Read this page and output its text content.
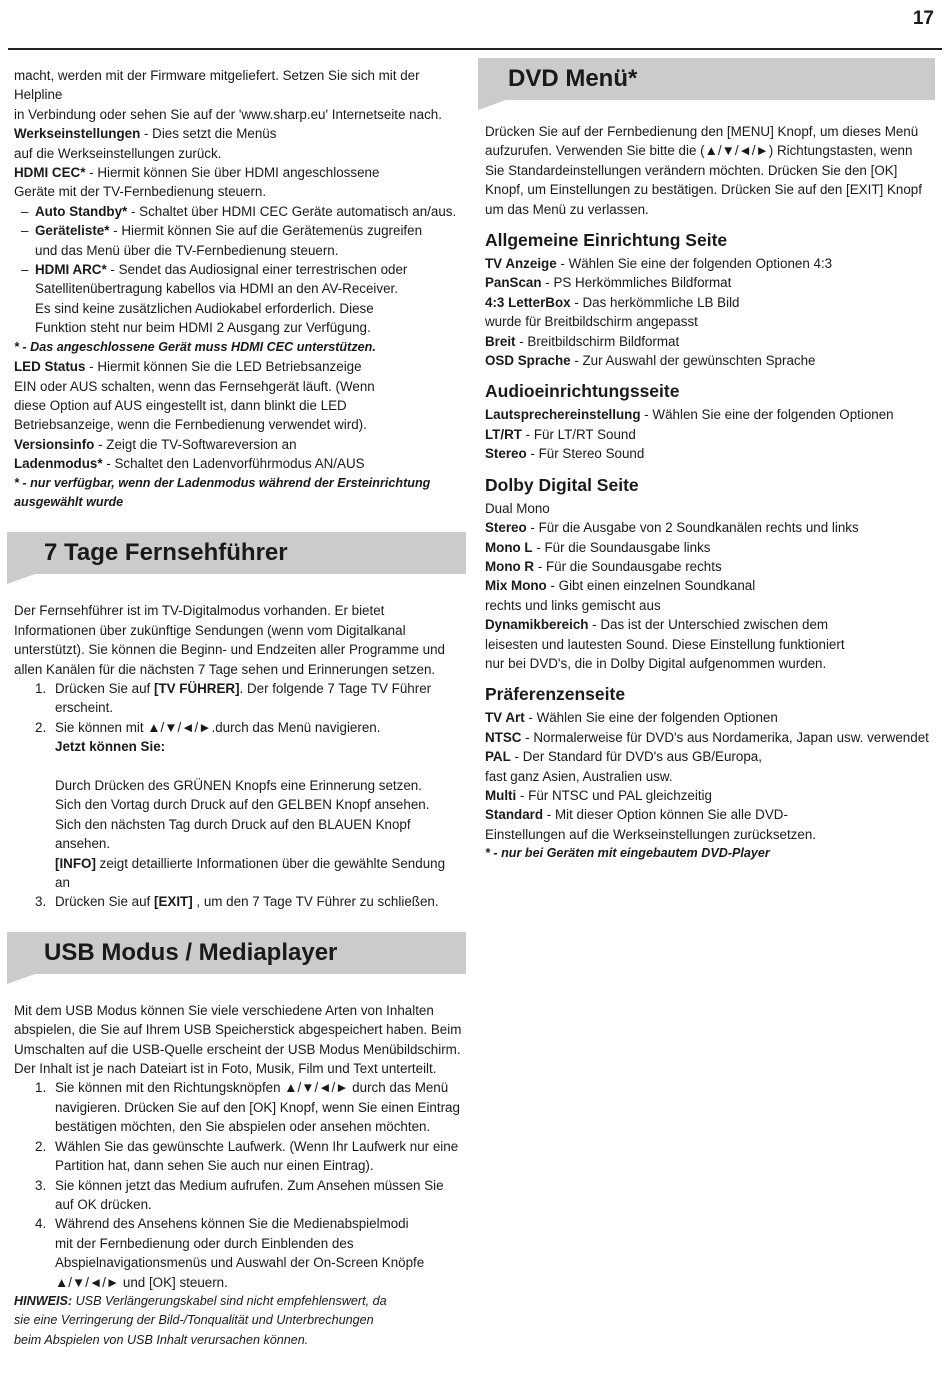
17

macht, werden mit der Firmware mitgeliefert. Setzen Sie sich mit der Helpline

in Verbindung oder sehen Sie auf der 'www.sharp.eu' Internetseite nach.

Werkseinstellungen - Dies setzt die Menüs

auf die Werkseinstellungen zurück.

HDMI CEC* - Hiermit können Sie über HDMI angeschlossene

Geräte mit der TV-Fernbedienung steuern.

– Auto Standby* - Schaltet über HDMI CEC Geräte automatisch an/aus.

– Geräteliste* - Hiermit können Sie auf die Gerätemenüs zugreifen

und das Menü über die TV-Fernbedienung steuern.

– HDMI ARC* - Sendet das Audiosignal einer terrestrischen oder

Satellitenübertragung kabellos via HDMI an den AV-Receiver.

Es sind keine zusätzlichen Audiokabel erforderlich. Diese

Funktion steht nur beim HDMI 2 Ausgang zur Verfügung.

* - Das angeschlossene Gerät muss HDMI CEC unterstützen.

LED Status - Hiermit können Sie die LED Betriebsanzeige

EIN oder AUS schalten, wenn das Fernsehgerät läuft. (Wenn

diese Option auf AUS eingestellt ist, dann blinkt die LED

Betriebsanzeige, wenn die Fernbedienung verwendet wird).

Versionsinfo - Zeigt die TV-Softwareversion an

Ladenmodus* - Schaltet den Ladenvorführmodus AN/AUS

* - nur verfügbar, wenn der Ladenmodus während der Ersteinrichtung

ausgewählt wurde

7 Tage Fernsehführer

Der Fernsehführer ist im TV-Digitalmodus vorhanden. Er bietet

Informationen über zukünftige Sendungen (wenn vom Digitalkanal

unterstützt). Sie können die Beginn- und Endzeiten aller Programme und

allen Kanälen für die nächsten 7 Tage sehen und Erinnerungen setzen.

1. Drücken Sie auf [TV FÜHRER]. Der folgende 7 Tage TV Führer

erscheint.

2. Sie können mit ▲/▼/◄/►.durch das Menü navigieren.

Jetzt können Sie:

Durch Drücken des GRÜNEN Knopfs eine Erinnerung setzen.

Sich den Vortag durch Druck auf den GELBEN Knopf ansehen.

Sich den nächsten Tag durch Druck auf den BLAUEN Knopf ansehen.

[INFO] zeigt detaillierte Informationen über die gewählte Sendung

an

3. Drücken Sie auf [EXIT] , um den 7 Tage TV Führer zu schließen.

USB Modus / Mediaplayer

Mit dem USB Modus können Sie viele verschiedene Arten von Inhalten

abspielen, die Sie auf Ihrem USB Speicherstick abgespeichert haben. Beim

Umschalten auf die USB-Quelle erscheint der USB Modus Menübildschirm.

Der Inhalt ist je nach Dateiart ist in Foto, Musik, Film und Text unterteilt.

1. Sie können mit den Richtungsknöpfen ▲/▼/◄/► durch das Menü

navigieren. Drücken Sie auf den [OK] Knopf, wenn Sie einen Eintrag

bestätigen möchten, den Sie abspielen oder ansehen möchten.

2. Wählen Sie das gewünschte Laufwerk. (Wenn Ihr Laufwerk nur eine

Partition hat, dann sehen Sie auch nur einen Eintrag).

3. Sie können jetzt das Medium aufrufen. Zum Ansehen müssen Sie

auf OK drücken.

4. Während des Ansehens können Sie die Medienabspielmodi

mit der Fernbedienung oder durch Einblenden des

Abspielnavigationsmenüs und Auswahl der On-Screen Knöpfe

▲/▼/◄/► und [OK] steuern.

HINWEIS: USB Verlängerungskabel sind nicht empfehlenswert, da

sie eine Verringerung der Bild-/Tonqualität und Unterbrechungen

beim Abspielen von USB Inhalt verursachen können.

DVD Menü*

Drücken Sie auf der Fernbedienung den [MENU] Knopf, um dieses Menü

aufzurufen. Verwenden Sie bitte die (▲/▼/◄/►) Richtungstasten, wenn

Sie Standardeinstellungen verändern möchten. Drücken Sie den [OK]

Knopf, um Einstellungen zu bestätigen. Drücken Sie auf den [EXIT] Knopf

um das Menü zu verlassen.

Allgemeine Einrichtung Seite

TV Anzeige - Wählen Sie eine der folgenden Optionen 4:3

PanScan - PS Herkömmliches Bildformat

4:3 LetterBox - Das herkömmliche LB Bild

wurde für Breitbildschirm angepasst

Breit - Breitbildschirm Bildformat

OSD Sprache - Zur Auswahl der gewünschten Sprache

Audioeinrichtungsseite

Lautsprechereinstellung - Wählen Sie eine der folgenden Optionen

LT/RT - Für LT/RT Sound

Stereo - Für Stereo Sound

Dolby Digital Seite

Dual Mono

Stereo - Für die Ausgabe von 2 Soundkanälen rechts und links

Mono L - Für die Soundausgabe links

Mono R - Für die Soundausgabe rechts

Mix Mono - Gibt einen einzelnen Soundkanal

rechts und links gemischt aus

Dynamikbereich - Das ist der Unterschied zwischen dem

leisesten und lautesten Sound. Diese Einstellung funktioniert

nur bei DVD's, die in Dolby Digital aufgenommen wurden.

Präferenzenseite

TV Art - Wählen Sie eine der folgenden Optionen

NTSC - Normalerweise für DVD's aus Nordamerika, Japan usw. verwendet

PAL - Der Standard für DVD's aus GB/Europa,

fast ganz Asien, Australien usw.

Multi - Für NTSC und PAL gleichzeitig

Standard - Mit dieser Option können Sie alle DVD-

Einstellungen auf die Werkseinstellungen zurücksetzen.

* - nur bei Geräten mit eingebautem DVD-Player
